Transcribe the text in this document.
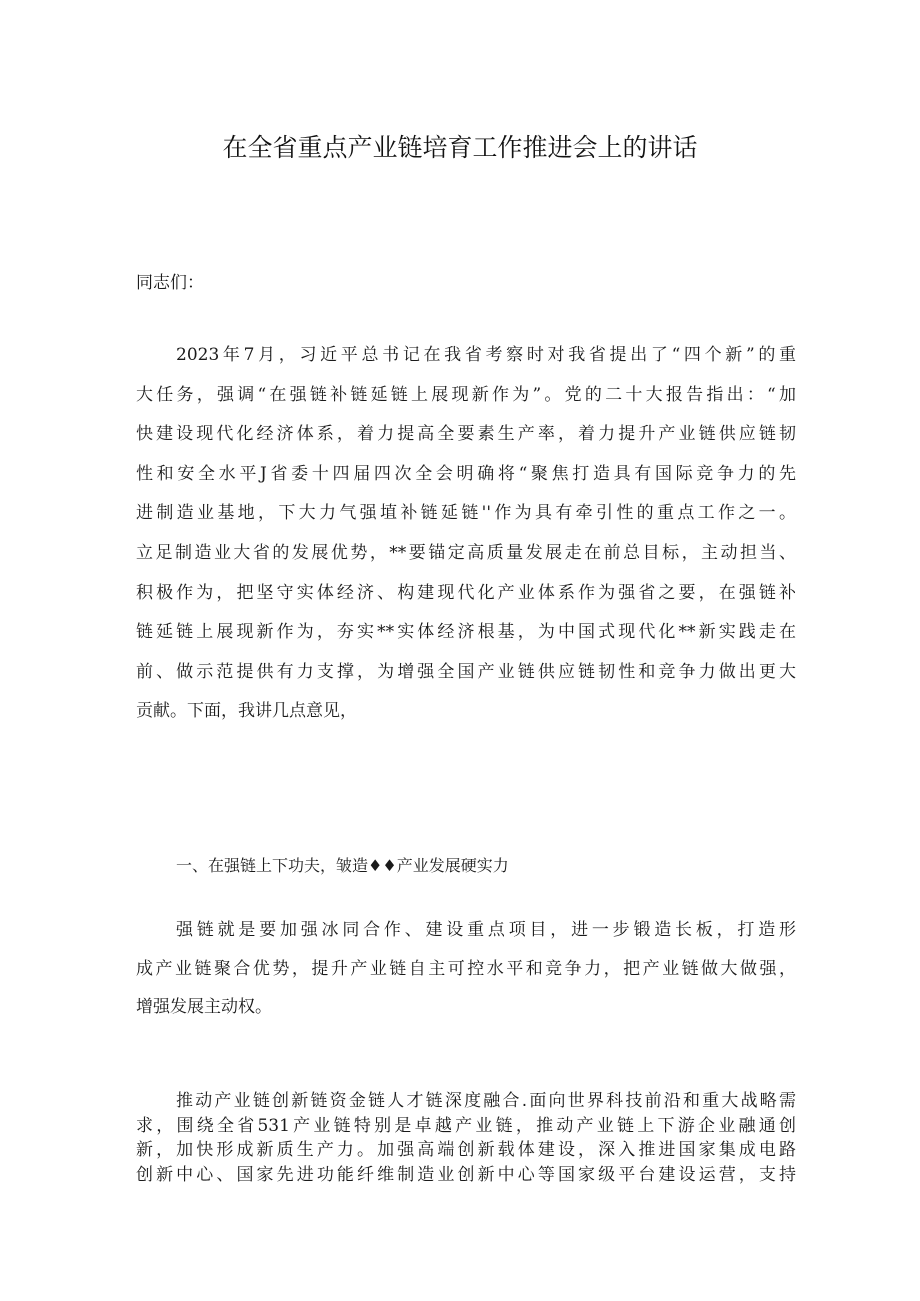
在全省重点产业链培育工作推进会上的讲话
同志们：
2023年7月，习近平总书记在我省考察时对我省提出了“四个新”的重
大任务，强调“在强链补链延链上展现新作为”。党的二十大报告指出：“加
快建设现代化经济体系，着力提高全要素生产率，着力提升产业链供应链韧
性和安全水平J省委十四届四次全会明确将“聚焦打造具有国际竞争力的先
进制造业基地，下大力气强埴补链延链''作为具有牵引性的重点工作之一。
立足制造业大省的发展优势，**要锚定高质量发展走在前总目标，主动担当、
积极作为，把坚守实体经济、构建现代化产业体系作为强省之要，在强链补
链延链上展现新作为，夯实**实体经济根基，为中国式现代化**新实践走在
前、做示范提供有力支撑，为增强全国产业链供应链韧性和竞争力做出更大
贡献。下面，我讲几点意见，
一、在强链上下功夫，皱造♦♦产业发展硬实力
强链就是要加强冰同合作、建设重点项目，进一步锻造长板，打造形
成产业链聚合优势，提升产业链自主可控水平和竞争力，把产业链做大做强，
增强发展主动权。
推动产业链创新链资金链人才链深度融合.面向世界科技前沿和重大战略需
求，围绕全省531产业链特别是卓越产业链，推动产业链上下游企业融通创
新，加快形成新质生产力。加强高端创新载体建设，深入推进国家集成电路
创新中心、国家先进功能纤维制造业创新中心等国家级平台建设运营，支持
